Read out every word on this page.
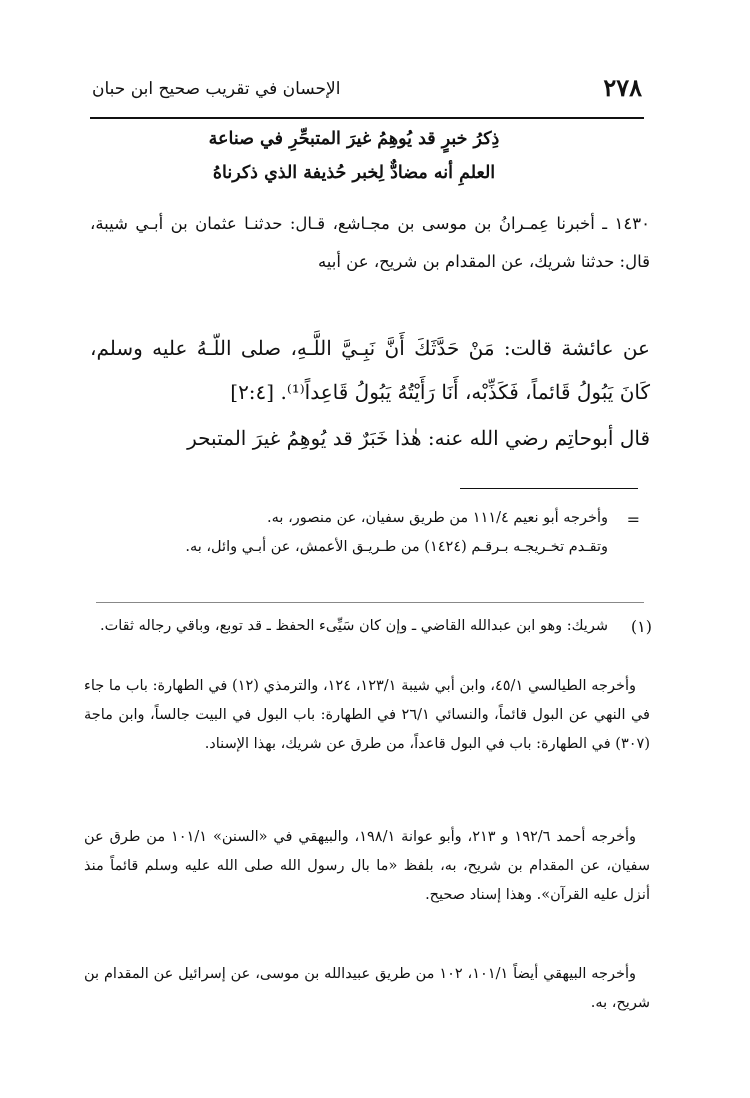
٢٧٨
الإحسان في تقريب صحيح ابن حبان
ذِكرُ خبرٍ قد يُوهِمُ غيرَ المتبحِّرِ في صناعة
العلمِ أنه مضادٌّ لِخبر حُذيفة الذي ذكرناهُ
١٤٣٠ ـ أخبرنا عِمـرانُ بن موسى بن مجـاشع، قـال: حدثنـا عثمان بن أبـي شيبة، قال: حدثنا شريك، عن المقدام بن شريح، عن أبيه
عن عائشة قالت: مَنْ حَدَّثَكَ أَنَّ نَبِـيَّ اللَّـهِ، صلى اللّـهُ عليه وسلم، كَانَ يَبُولُ قَائماً، فَكَذِّبْه، أَنَا رَأَيْتُهُ يَبُولُ قَاعِداً⁽¹⁾. [٢:٤]
قال أبوحاتِم رضي الله عنه: هٰذا خَبَرٌ قد يُوهِمُ غيرَ المتبحر
=
وأخرجه أبو نعيم ١١١/٤ من طريق سفيان، عن منصور، به.
وتقـدم تخـريجـه بـرقـم (١٤٢٤) من طـريـق الأعمش، عن أبـي وائل، به.
(١)
شريك: وهو ابن عبدالله القاضي ـ وإن كان سَيِّىء الحفظ ـ قد توبع، وباقي رجاله ثقات.
وأخرجه الطيالسي ٤٥/١، وابن أبي شيبة ١٢٣/١، ١٢٤، والترمذي (١٢) في الطهارة: باب ما جاء في النهي عن البول قائماً، والنسائي ٢٦/١ في الطهارة: باب البول في البيت جالساً، وابن ماجة (٣٠٧) في الطهارة: باب في البول قاعداً، من طرق عن شريك، بهذا الإسناد.
وأخرجه أحمد ١٩٢/٦ و ٢١٣، وأبو عوانة ١٩٨/١، والبيهقي في «السنن» ١٠١/١ من طرق عن سفيان، عن المقدام بن شريح، به، بلفظ «ما بال رسول الله صلى الله عليه وسلم قائماً منذ أنزل عليه القرآن». وهذا إسناد صحيح.
وأخرجه البيهقي أيضاً ١٠١/١، ١٠٢ من طريق عبيدالله بن موسى، عن إسرائيل عن المقدام بن شريح، به.
